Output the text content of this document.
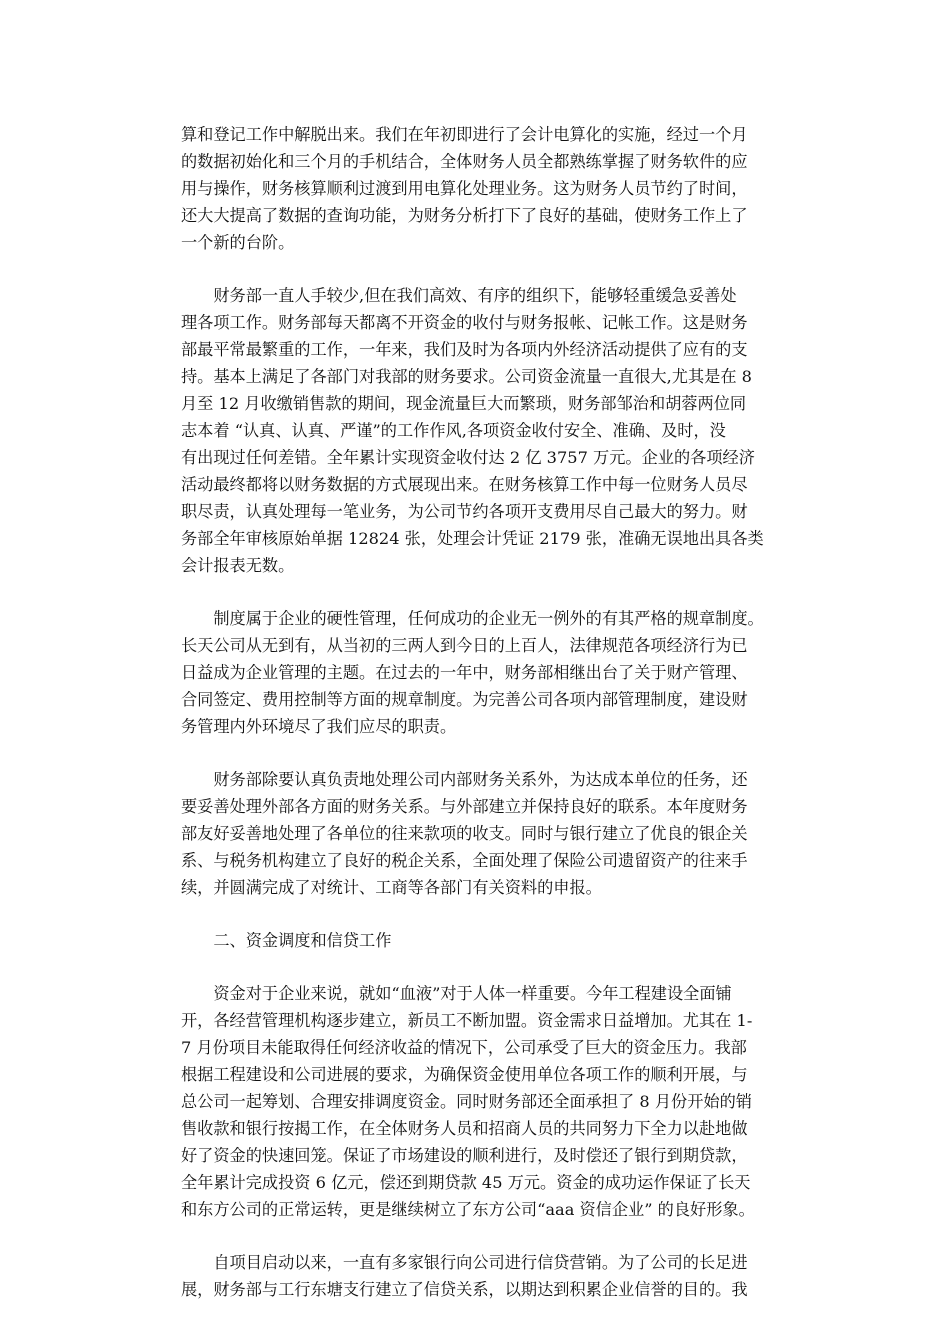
算和登记工作中解脱出来。我们在年初即进行了会计电算化的实施，经过一个月
的数据初始化和三个月的手机结合，全体财务人员全都熟练掌握了财务软件的应
用与操作，财务核算顺利过渡到用电算化处理业务。这为财务人员节约了时间，
还大大提高了数据的查询功能，为财务分析打下了良好的基础，使财务工作上了
一个新的台阶。
　　财务部一直人手较少,但在我们高效、有序的组织下，能够轻重缓急妥善处
理各项工作。财务部每天都离不开资金的收付与财务报帐、记帐工作。这是财务
部最平常最繁重的工作，一年来，我们及时为各项内外经济活动提供了应有的支
持。基本上满足了各部门对我部的财务要求。公司资金流量一直很大,尤其是在 8
月至 12 月收缴销售款的期间，现金流量巨大而繁琐，财务部邹治和胡蓉两位同
志本着 “认真、认真、严谨”的工作作风,各项资金收付安全、准确、及时，没
有出现过任何差错。全年累计实现资金收付达 2 亿 3757 万元。企业的各项经济
活动最终都将以财务数据的方式展现出来。在财务核算工作中每一位财务人员尽
职尽责，认真处理每一笔业务，为公司节约各项开支费用尽自己最大的努力。财
务部全年审核原始单据 12824 张，处理会计凭证 2179 张，准确无误地出具各类
会计报表无数。
　　制度属于企业的硬性管理，任何成功的企业无一例外的有其严格的规章制度。
长天公司从无到有，从当初的三两人到今日的上百人，法律规范各项经济行为已
日益成为企业管理的主题。在过去的一年中，财务部相继出台了关于财产管理、
合同签定、费用控制等方面的规章制度。为完善公司各项内部管理制度，建设财
务管理内外环境尽了我们应尽的职责。
　　财务部除要认真负责地处理公司内部财务关系外，为达成本单位的任务，还
要妥善处理外部各方面的财务关系。与外部建立并保持良好的联系。本年度财务
部友好妥善地处理了各单位的往来款项的收支。同时与银行建立了优良的银企关
系、与税务机构建立了良好的税企关系，全面处理了保险公司遗留资产的往来手
续，并圆满完成了对统计、工商等各部门有关资料的申报。
　　二、资金调度和信贷工作
　　资金对于企业来说，就如“血液”对于人体一样重要。今年工程建设全面铺
开，各经营管理机构逐步建立，新员工不断加盟。资金需求日益增加。尤其在 1-
7 月份项目未能取得任何经济收益的情况下，公司承受了巨大的资金压力。我部
根据工程建设和公司进展的要求，为确保资金使用单位各项工作的顺利开展，与
总公司一起筹划、合理安排调度资金。同时财务部还全面承担了 8 月份开始的销
售收款和银行按揭工作，在全体财务人员和招商人员的共同努力下全力以赴地做
好了资金的快速回笼。保证了市场建设的顺利进行，及时偿还了银行到期贷款，
全年累计完成投资 6 亿元，偿还到期贷款 45 万元。资金的成功运作保证了长天
和东方公司的正常运转，更是继续树立了东方公司“aaa 资信企业” 的良好形象。
　　自项目启动以来，一直有多家银行向公司进行信贷营销。为了公司的长足进
展，财务部与工行东塘支行建立了信贷关系，以期达到积累企业信誉的目的。我
